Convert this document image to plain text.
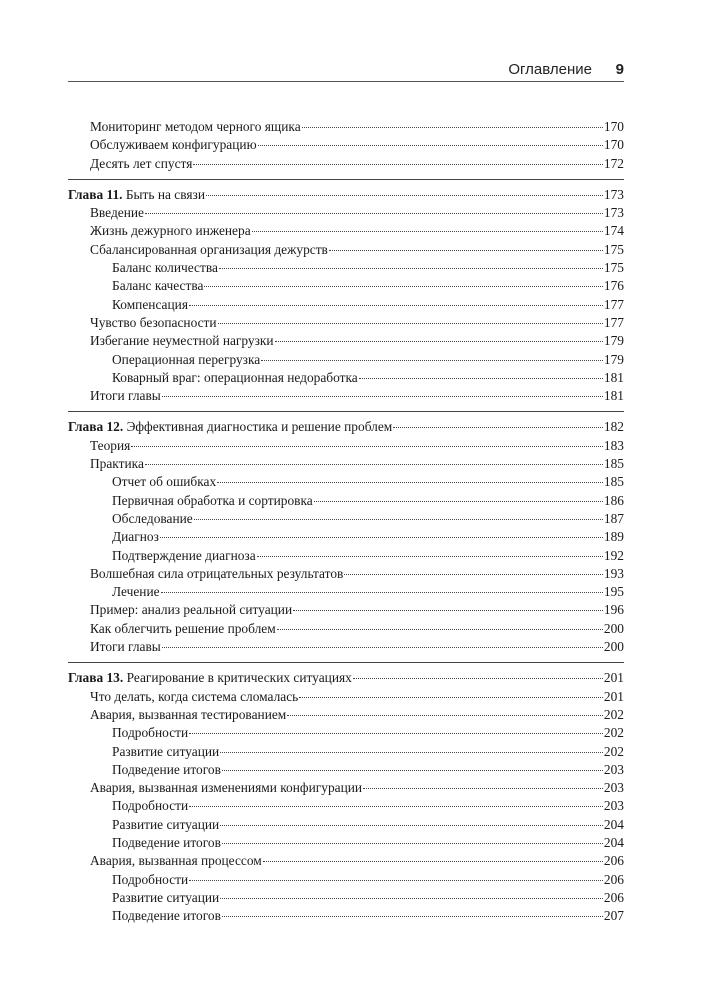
Оглавление 9
Мониторинг методом черного ящика	170
Обслуживаем конфигурацию	170
Десять лет спустя	172
Глава 11. Быть на связи	173
Введение	173
Жизнь дежурного инженера	174
Сбалансированная организация дежурств	175
Баланс количества	175
Баланс качества	176
Компенсация	177
Чувство безопасности	177
Избегание неуместной нагрузки	179
Операционная перегрузка	179
Коварный враг: операционная недоработка	181
Итоги главы	181
Глава 12. Эффективная диагностика и решение проблем	182
Теория	183
Практика	185
Отчет об ошибках	185
Первичная обработка и сортировка	186
Обследование	187
Диагноз	189
Подтверждение диагноза	192
Волшебная сила отрицательных результатов	193
Лечение	195
Пример: анализ реальной ситуации	196
Как облегчить решение проблем	200
Итоги главы	200
Глава 13. Реагирование в критических ситуациях	201
Что делать, когда система сломалась	201
Авария, вызванная тестированием	202
Подробности	202
Развитие ситуации	202
Подведение итогов	203
Авария, вызванная изменениями конфигурации	203
Подробности	203
Развитие ситуации	204
Подведение итогов	204
Авария, вызванная процессом	206
Подробности	206
Развитие ситуации	206
Подведение итогов	207
